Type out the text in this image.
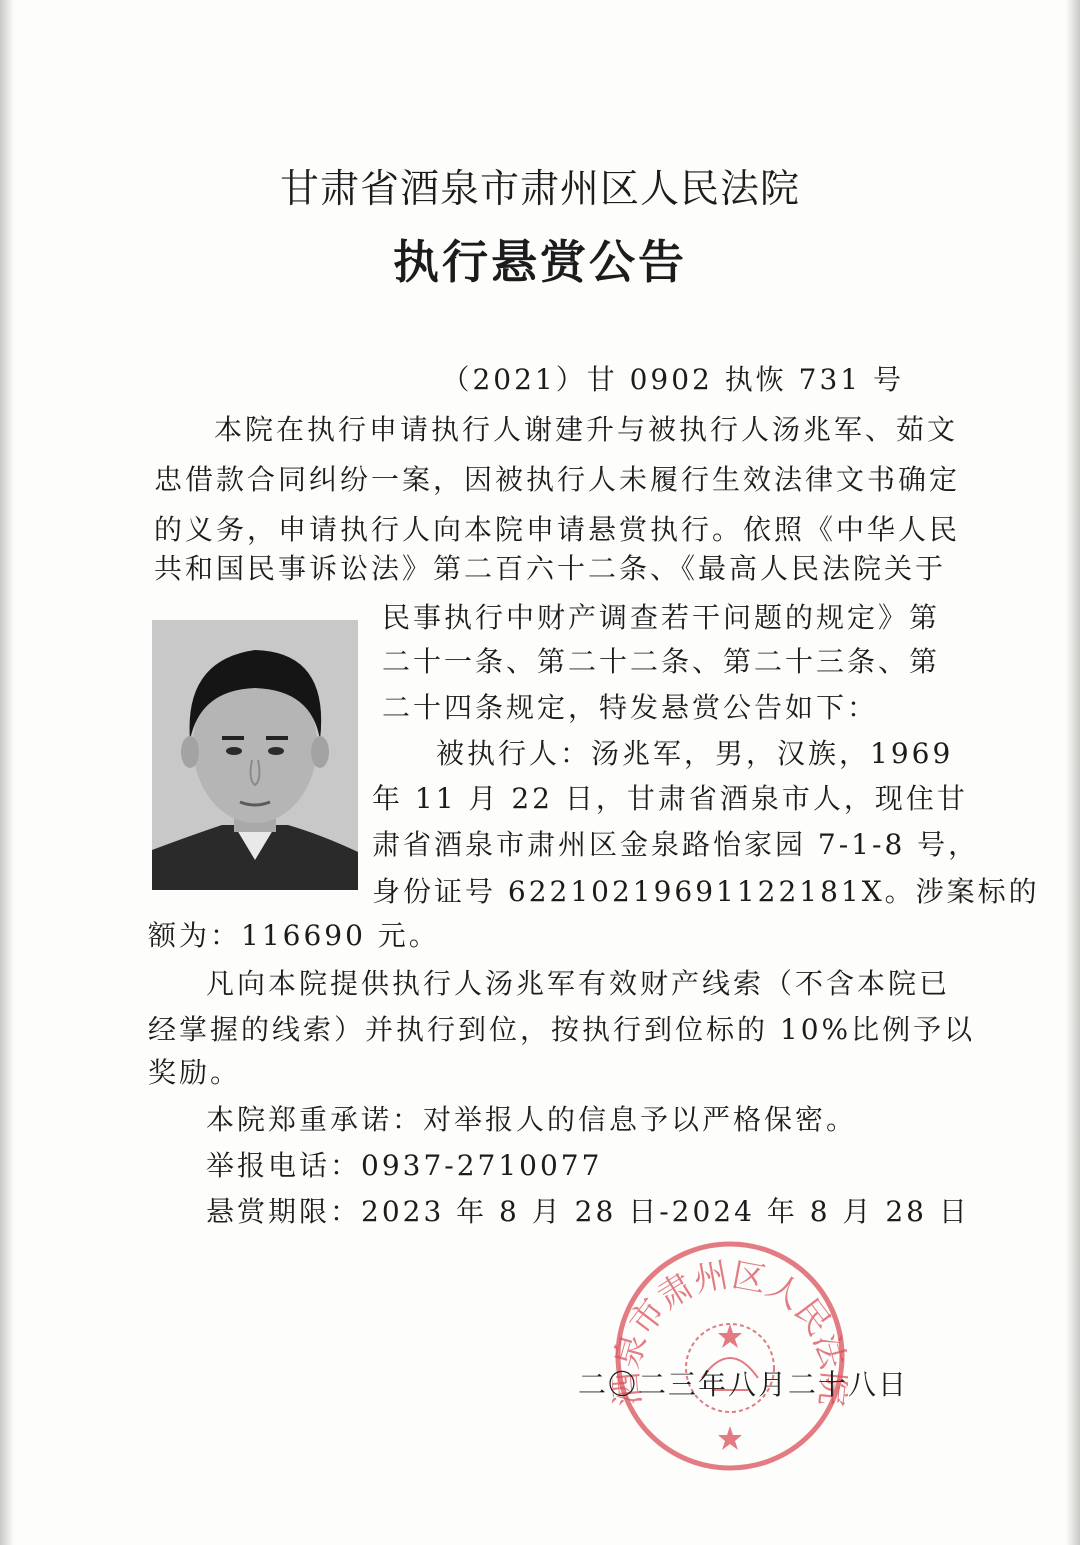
甘肃省酒泉市肃州区人民法院
执行悬赏公告
（2021）甘 0902 执恢 731 号
本院在执行申请执行人谢建升与被执行人汤兆军、茹文
忠借款合同纠纷一案，因被执行人未履行生效法律文书确定
的义务，申请执行人向本院申请悬赏执行。依照《中华人民
共和国民事诉讼法》第二百六十二条、《最高人民法院关于
民事执行中财产调查若干问题的规定》第
二十一条、第二十二条、第二十三条、第
二十四条规定，特发悬赏公告如下：
被执行人：汤兆军，男，汉族，1969
年 11 月 22 日，甘肃省酒泉市人，现住甘
肃省酒泉市肃州区金泉路怡家园 7-1-8 号，
身份证号 62210219691122181X。涉案标的
额为：116690 元。
凡向本院提供执行人汤兆军有效财产线索（不含本院已
经掌握的线索）并执行到位，按执行到位标的 10%比例予以
奖励。
本院郑重承诺：对举报人的信息予以严格保密。
举报电话：0937-2710077
悬赏期限：2023 年 8 月 28 日-2024 年 8 月 28 日
市肃州区人民
二〇二三年八月二十八日
